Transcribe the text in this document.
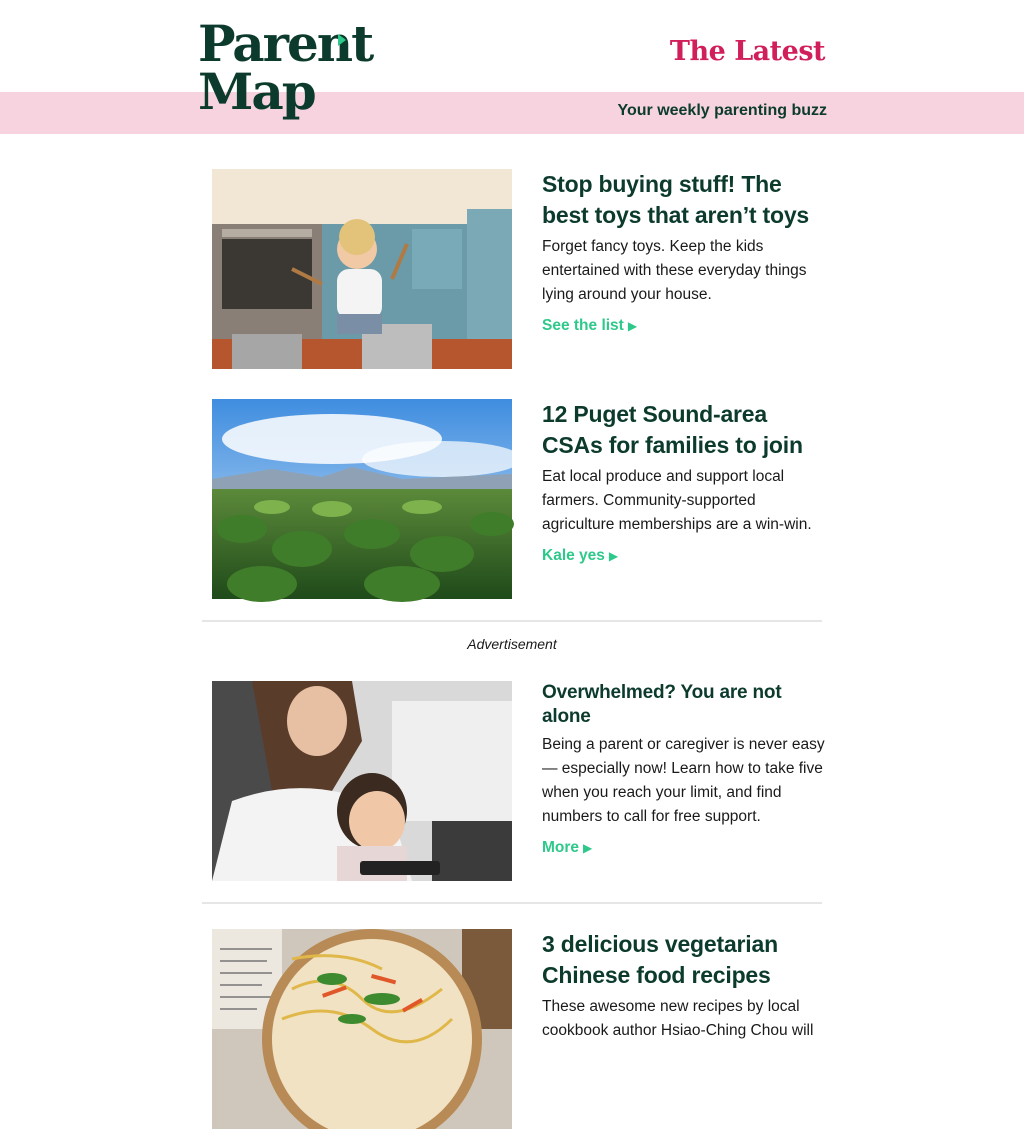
Parent
Map
The Latest
Your weekly parenting buzz
Stop buying stuff! The best toys that aren’t toys
Forget fancy toys. Keep the kids entertained with these everyday things lying around your house.
See the list ▶
12 Puget Sound-area CSAs for families to join
Eat local produce and support local farmers. Community-supported agriculture memberships are a win-win.
Kale yes ▶
Advertisement
Overwhelmed? You are not alone
Being a parent or caregiver is never easy — especially now! Learn how to take five when you reach your limit, and find numbers to call for free support.
More ▶
3 delicious vegetarian Chinese food recipes
These awesome new recipes by local cookbook author Hsiao-Ching Chou will
